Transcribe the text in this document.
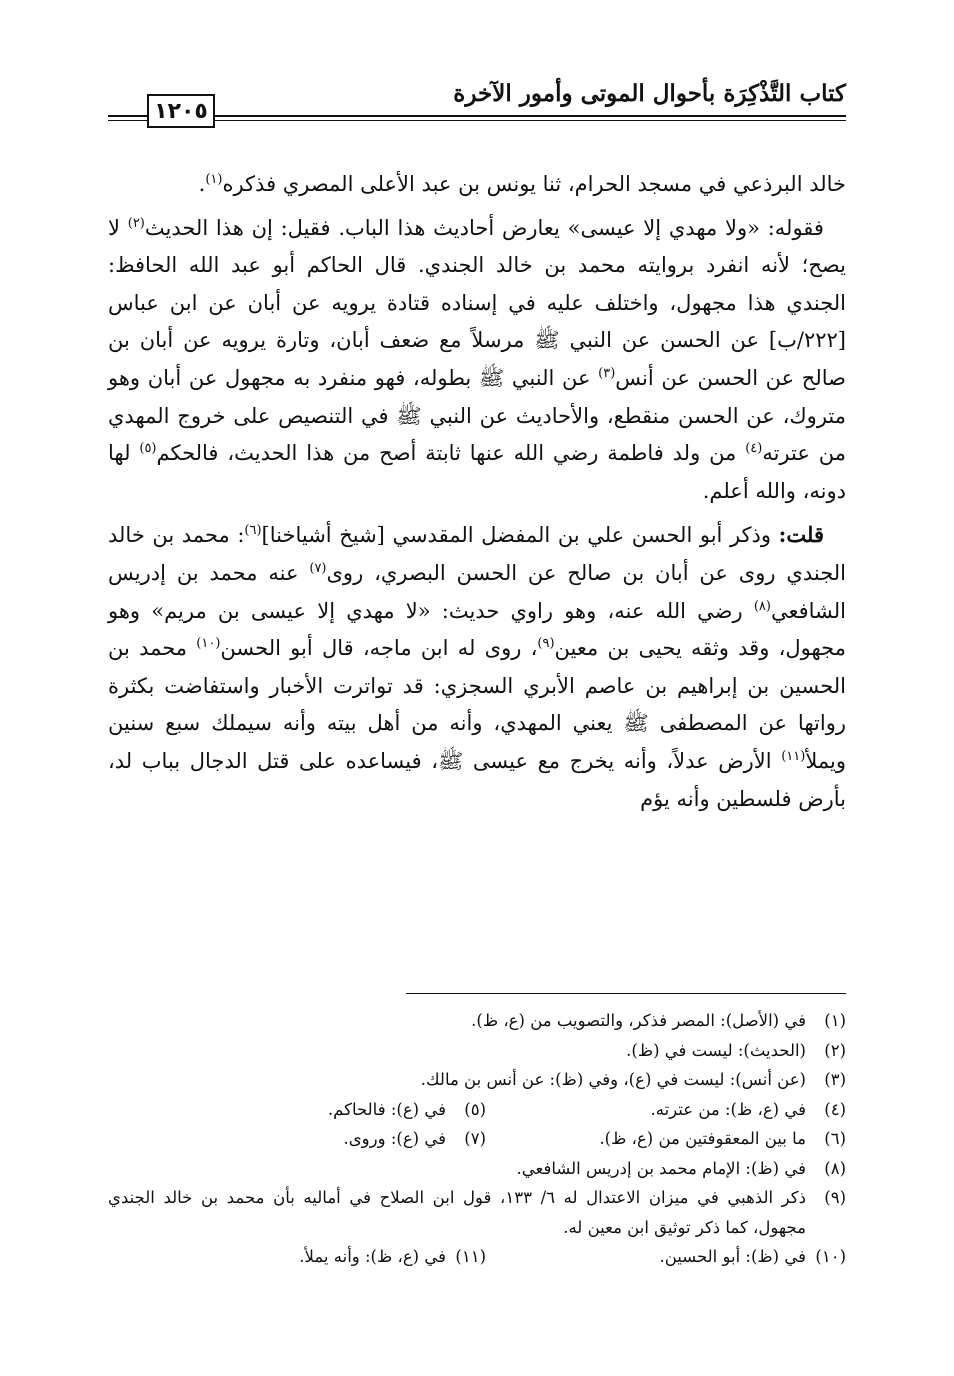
كتاب التَّذْكِرَة بأحوال الموتى وأمور الآخرة
١٢٠٥

خالد البرذعي في مسجد الحرام، ثنا يونس بن عبد الأعلى المصري فذكره$^{(١)}$.

فقوله: «ولا مهدي إلا عيسى» يعارض أحاديث هذا الباب. فقيل: إن هذا الحديث$^{(٢)}$ لا يصح؛ لأنه انفرد بروايته محمد بن خالد الجندي. قال الحاكم أبو عبد الله الحافظ: الجندي هذا مجهول، واختلف عليه في إسناده قتادة يرويه عن أبان عن ابن عباس [٢٢٢/ب] عن الحسن عن النبي ﷺ مرسلاً مع ضعف أبان، وتارة يرويه عن أبان بن صالح عن الحسن عن أنس$^{(٣)}$ عن النبي ﷺ بطوله، فهو منفرد به مجهول عن أبان وهو متروك، عن الحسن منقطع، والأحاديث عن النبي ﷺ في التنصيص على خروج المهدي من عترته$^{(٤)}$ من ولد فاطمة رضي الله عنها ثابتة أصح من هذا الحديث، فالحكم$^{(٥)}$ لها دونه، والله أعلم.

قلت: وذكر أبو الحسن علي بن المفضل المقدسي [شيخ أشياخنا]$^{(٦)}$: محمد بن خالد الجندي روى عن أبان بن صالح عن الحسن البصري، روى$^{(٧)}$ عنه محمد بن إدريس الشافعي$^{(٨)}$ رضي الله عنه، وهو راوي حديث: «لا مهدي إلا عيسى بن مريم» وهو مجهول، وقد وثقه يحيى بن معين$^{(٩)}$، روى له ابن ماجه، قال أبو الحسن$^{(١٠)}$ محمد بن الحسين بن إبراهيم بن عاصم الأبري السجزي: قد تواترت الأخبار واستفاضت بكثرة رواتها عن المصطفى ﷺ يعني المهدي، وأنه من أهل بيته وأنه سيملك سبع سنين ويملأ$^{(١١)}$ الأرض عدلاً، وأنه يخرج مع عيسى ﷺ، فيساعده على قتل الدجال بباب لد، بأرض فلسطين وأنه يؤم

(١)
في (الأصل): المصر فذكر، والتصويب من (ع، ظ).
(٢)
(الحديث): ليست في (ظ).
(٣)
(عن أنس): ليست في (ع)، وفي (ظ): عن أنس بن مالك.
(٤)
في (ع، ظ): من عترته.
(٥)
في (ع): فالحاكم.
(٦)
ما بين المعقوفتين من (ع، ظ).
(٧)
في (ع): وروى.
(٨)
في (ظ): الإمام محمد بن إدريس الشافعي.
(٩)
ذكر الذهبي في ميزان الاعتدال له ٦/ ١٣٣، قول ابن الصلاح في أماليه بأن محمد بن خالد الجندي مجهول، كما ذكر توثيق ابن معين له.
(١٠)
في (ظ): أبو الحسين.
(١١)
في (ع، ظ): وأنه يملأ.
